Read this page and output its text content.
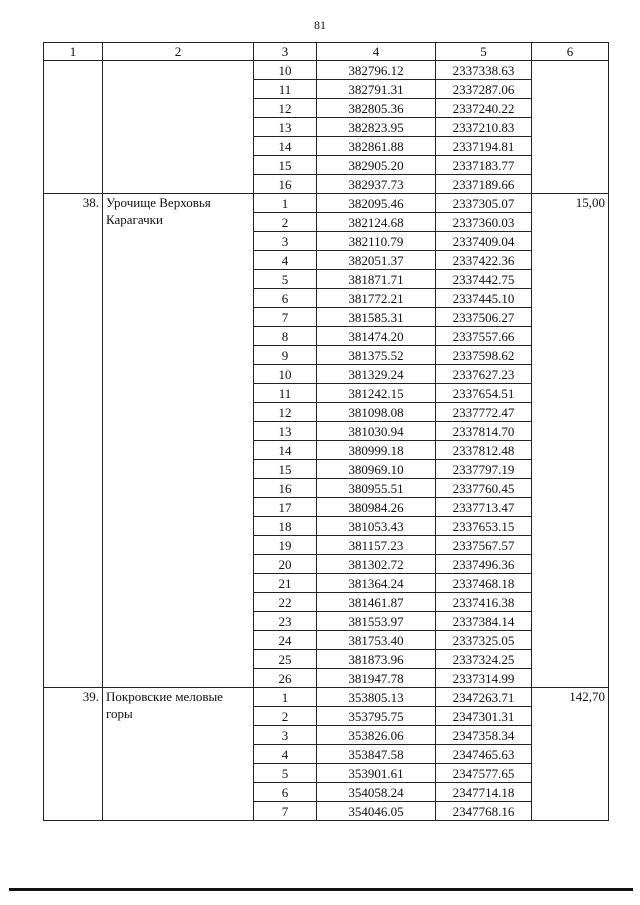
81
1	2	3	4	5	6
		10	382796.12	2337338.63	
		11	382791.31	2337287.06	
		12	382805.36	2337240.22	
		13	382823.95	2337210.83	
		14	382861.88	2337194.81	
		15	382905.20	2337183.77	
		16	382937.73	2337189.66	
38.	Урочище Верховья Карагачки	1	382095.46	2337305.07	15,00
		2	382124.68	2337360.03	
		3	382110.79	2337409.04	
		4	382051.37	2337422.36	
		5	381871.71	2337442.75	
		6	381772.21	2337445.10	
		7	381585.31	2337506.27	
		8	381474.20	2337557.66	
		9	381375.52	2337598.62	
		10	381329.24	2337627.23	
		11	381242.15	2337654.51	
		12	381098.08	2337772.47	
		13	381030.94	2337814.70	
		14	380999.18	2337812.48	
		15	380969.10	2337797.19	
		16	380955.51	2337760.45	
		17	380984.26	2337713.47	
		18	381053.43	2337653.15	
		19	381157.23	2337567.57	
		20	381302.72	2337496.36	
		21	381364.24	2337468.18	
		22	381461.87	2337416.38	
		23	381553.97	2337384.14	
		24	381753.40	2337325.05	
		25	381873.96	2337324.25	
		26	381947.78	2337314.99	
39.	Покровские меловые горы	1	353805.13	2347263.71	142,70
		2	353795.75	2347301.31	
		3	353826.06	2347358.34	
		4	353847.58	2347465.63	
		5	353901.61	2347577.65	
		6	354058.24	2347714.18	
		7	354046.05	2347768.16	
